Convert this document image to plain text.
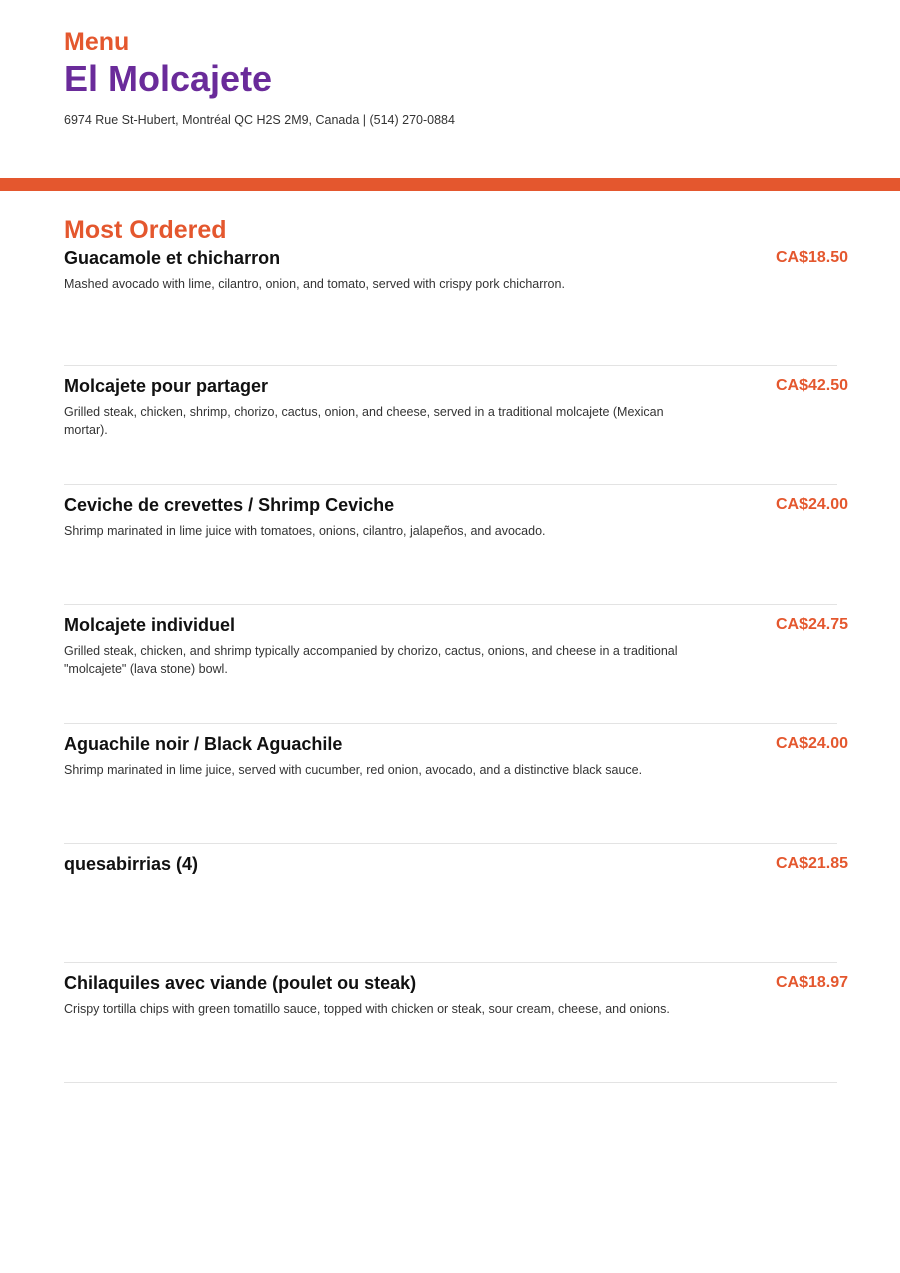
Menu
El Molcajete
6974 Rue St-Hubert, Montréal QC H2S 2M9, Canada | (514) 270-0884
Most Ordered
Guacamole et chicharron	CA$18.50
Mashed avocado with lime, cilantro, onion, and tomato, served with crispy pork chicharron.
Molcajete pour partager	CA$42.50
Grilled steak, chicken, shrimp, chorizo, cactus, onion, and cheese, served in a traditional molcajete (Mexican mortar).
Ceviche de crevettes / Shrimp Ceviche	CA$24.00
Shrimp marinated in lime juice with tomatoes, onions, cilantro, jalapeños, and avocado.
Molcajete individuel	CA$24.75
Grilled steak, chicken, and shrimp typically accompanied by chorizo, cactus, onions, and cheese in a traditional "molcajete" (lava stone) bowl.
Aguachile noir / Black Aguachile	CA$24.00
Shrimp marinated in lime juice, served with cucumber, red onion, avocado, and a distinctive black sauce.
quesabirrias (4)	CA$21.85
Chilaquiles avec viande (poulet ou steak)	CA$18.97
Crispy tortilla chips with green tomatillo sauce, topped with chicken or steak, sour cream, cheese, and onions.
